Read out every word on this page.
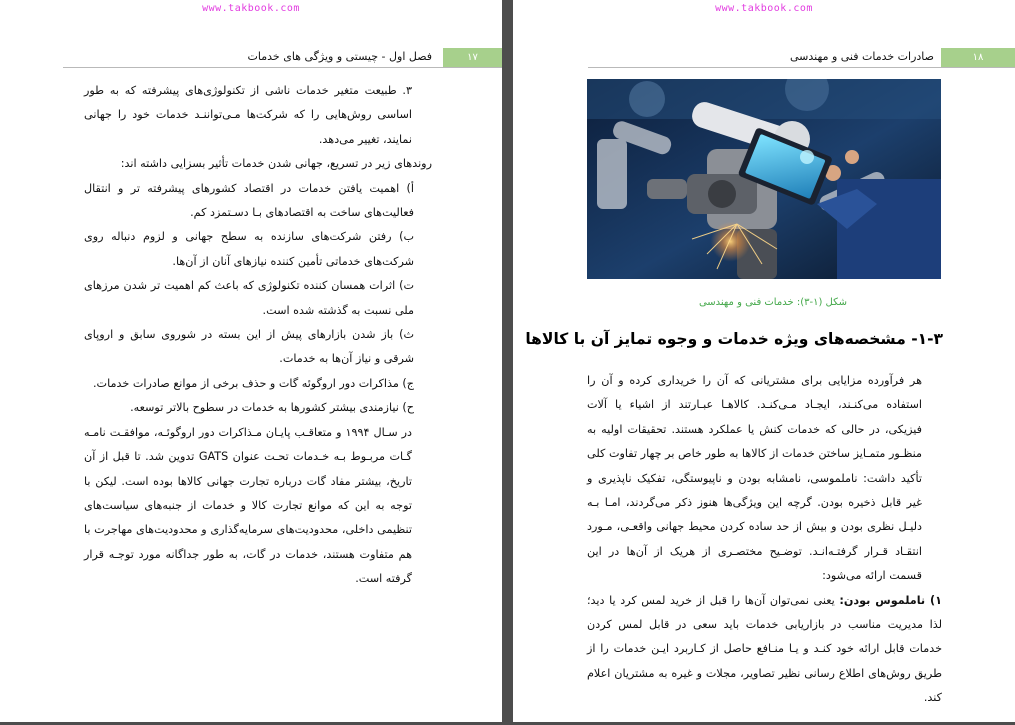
www.takbook.com
۱۷
فصل اول - چیستی و ویژگی های خدمات

۳. طبیعت متغیر خدمات ناشی از تکنولوژی‌های پیشرفته که به طور اساسی روش‌هایی را که شرکت‌ها مـی‌تواننـد خدمات خود را جهانی نمایند، تغییر می‌دهد.

روندهای زیر در تسریع، جهانی شدن خدمات تأثیر بسزایی داشته اند:

أ) اهمیت یافتن خدمات در اقتصاد کشورهای پیشرفته تر و انتقال فعالیت‌های ساخت به اقتصادهای بـا دسـتمزد کم.

ب) رفتن شرکت‌های سازنده به سطح جهانی و لزوم دنباله روی شرکت‌های خدماتی تأمین کننده نیازهای آنان از آن‌ها.

ت) اثرات همسان کننده تکنولوژی که باعث کم اهمیت تر شدن مرزهای ملی نسبت به گذشته شده است.

ث) باز شدن بازارهای پیش از این بسته در شوروی سابق و اروپای شرقی و نیاز آن‌ها به خدمات.

ج) مذاکرات دور اروگوئه گات و حذف برخی از موانع صادرات خدمات.

ح) نیازمندی بیشتر کشورها به خدمات در سطوح بالاتر توسعه.

در سـال ۱۹۹۴ و متعاقـب پایـان مـذاکرات دور اروگوئـه، موافقـت نامـه گـات مربـوط بـه خـدمات تحـت عنوان GATS تدوین شد. تا قبل از آن تاریخ، بیشتر مفاد گات درباره تجارت جهانی کالاها بوده است. لیکن با توجه به این که موانع تجارت کالا و خدمات از جنبه‌های سیاست‌های تنظیمی داخلی، محدودیت‌های سرمایه‌گذاری و محدودیت‌های مهاجرت با هم متفاوت هستند، خدمات در گات، به طور جداگانه مورد توجـه قرار گرفته است.

www.takbook.com
۱۸
صادرات خدمات فنی و مهندسی
شکل (۱-۳): خدمات فنی و مهندسی
۱-۳- مشخصه‌های ویژه خدمات و وجوه تمایز آن با کالاها

هر فرآورده مزایایی برای مشتریانی که آن را خریداری کرده و آن را استفاده می‌کنـند، ایجـاد مـی‌کنـد. کالاهـا عبـارتند از اشیاء یا آلات فیزیکی، در حالی که خدمات کنش یا عملکرد هستند. تحقیقات اولیه به منظـور متمـایز ساختن خدمات از کالاها به طور خاص بر چهار تفاوت کلی تأکید داشت: ناملموسی، نامشابه بودن و ناپیوستگی، تفکیک ناپذیری و غیر قابل ذخیره بودن. گرچه این ویژگی‌ها هنوز ذکر می‌گردند، امـا بـه دلیـل نظری بودن و بیش از حد ساده کردن محیط جهانی واقعـی، مـورد انتقـاد قـرار گرفتـه‌انـد. توضـیح مختصـری از هریک از آن‌ها در این قسمت ارائه می‌شود:

۱) ناملموس بودن: یعنی نمی‌توان آن‌ها را قبل از خرید لمس کرد یا دید؛ لذا مدیریت مناسب در بازاریابی خدمات باید سعی در قابل لمس کردن خدمات قابل ارائه خود کنـد و یـا منـافع حاصل از کـاربرد ایـن خدمات را از طریق روش‌های اطلاع رسانی نظیر تصاویر، مجلات و غیره به مشتریان اعلام کند.
